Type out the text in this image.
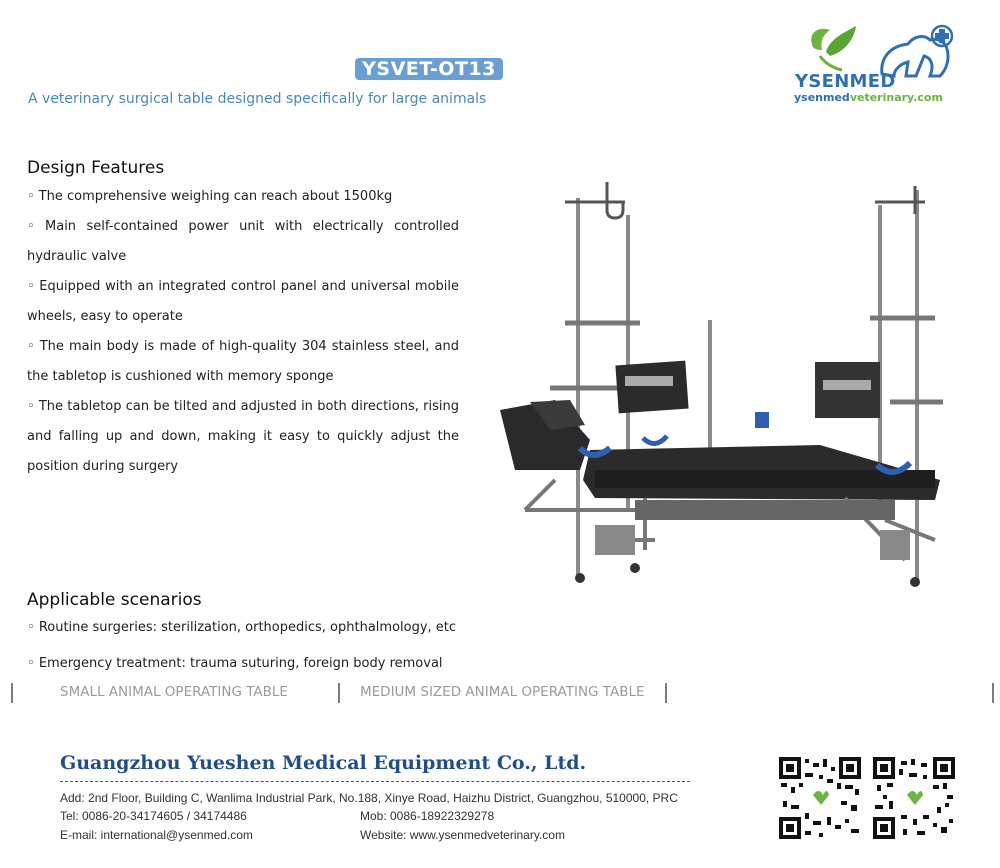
YSVET-OT13
A veterinary surgical table designed specifically for large animals
YSENMED
ysenmedveterinary.com
Design Features
◦ The comprehensive weighing can reach about 1500kg
◦ Main self-contained power unit with electrically controlled hydraulic valve
◦ Equipped with an integrated control panel and universal mobile wheels, easy to operate
◦ The main body is made of high-quality 304 stainless steel, and the tabletop is cushioned with memory sponge
◦ The tabletop can be tilted and adjusted in both directions, rising and falling up and down, making it easy to quickly adjust the position during surgery
Applicable scenarios
◦ Routine surgeries: sterilization, orthopedics, ophthalmology, etc
◦ Emergency treatment: trauma suturing, foreign body removal
SMALL ANIMAL OPERATING TABLE	MEDIUM SIZED ANIMAL OPERATING TABLE
Guangzhou Yueshen Medical Equipment Co., Ltd.
Add: 2nd Floor, Building C, Wanlima Industrial Park, No.188, Xinye Road, Haizhu District, Guangzhou, 510000, PRC
Tel: 0086-20-34174605 / 34174486	Mob: 0086-18922329278
E-mail: international@ysenmed.com	Website: www.ysenmedveterinary.com
